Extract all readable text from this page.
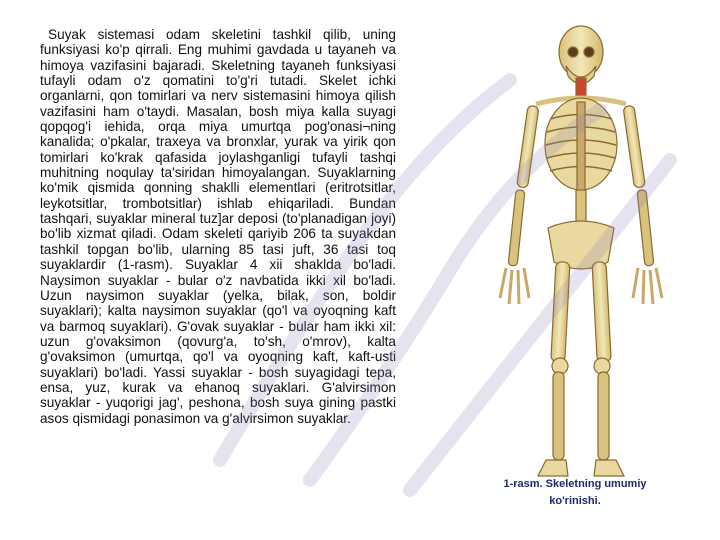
Suyak sistemasi odam skeletini tashkil qilib, uning funksiyasi ko'p qirrali. Eng muhimi gavdada u tayaneh va himoya vazifasini bajaradi. Skeletning tayaneh funksiyasi tufayli odam o'z qomatini to'g'ri tutadi. Skelet ichki organlarni, qon tomirlari va nerv sistemasini himoya qilish vazifasini ham o'taydi. Masalan, bosh miya kalla suyagi qopqog'i iehida, orqa miya umurtqa pog'onasi¬ning kanalida; o'pkalar, traxeya va bronxlar, yurak va yirik qon tomirlari ko'krak qafasida joylashganligi tufayli tashqi muhitning noqulay ta'siridan himoyalangan. Suyaklarning ko'mik qismida qonning shaklli elementlari (eritrotsitlar, leykotsitlar, trombotsitlar) ishlab ehiqariladi. Bundan tashqari, suyaklar mineral tuz]ar deposi (to'planadigan joyi) bo'lib xizmat qiladi. Odam skeleti qariyib 206 ta suyakdan tashkil topgan bo'lib, ularning 85 tasi juft, 36 tasi toq suyaklardir (1-rasm). Suyaklar 4 xii shaklda bo'ladi. Naysimon suyaklar - bular o'z navbatida ikki xil bo'ladi. Uzun naysimon suyaklar (yelka, bilak, son, boldir suyaklari); kalta naysimon suyaklar (qo'l va oyoqning kaft va barmoq suyaklari). G'ovak suyaklar - bular ham ikki xil: uzun g'ovaksimon (qovurg'a, to'sh, o'mrov), kalta g'ovaksimon (umurtqa, qo'l va oyoqning kaft, kaft-usti suyaklari) bo'ladi. Yassi suyaklar - bosh suyagidagi tepa, ensa, yuz, kurak va ehanoq suyaklari. G'alvirsimon suyaklar - yuqorigi jag', peshona, bosh suya gining pastki asos qismidagi ponasimon va g'alvirsimon suyaklar.

1-rasm. Skeletning umumiy ko'rinishi.
